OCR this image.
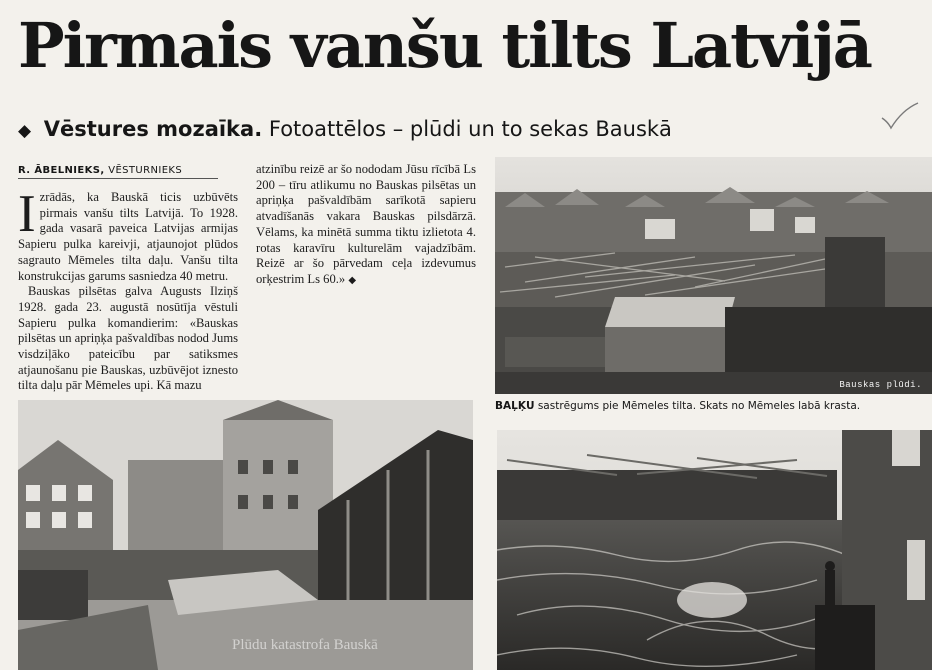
Pirmais vanšu tilts Latvijā
◆ Vēstures mozaīka. Fotoattēlos – plūdi un to sekas Bauskā
R. ĀBELNIEKS, VĒSTURNIEKS

I zrādās, ka Bauskā ticis uzbūvēts pirmais vanšu tilts Latvijā. To 1928. gada vasarā paveica Latvijas armijas Sapieru pulka kareivji, atjaunojot plūdos sagrauto Mēmeles tilta daļu. Vanšu tilta konstrukcijas garums sasniedza 40 metru.

Bauskas pilsētas galva Augusts Ilziņš 1928. gada 23. augustā nosūtīja vēstuli Sapieru pulka komandierim: «Bauskas pilsētas un apriņķa pašvaldības nodod Jums visdziļāko pateicību par satiksmes atjaunošanu pie Bauskas, uzbūvējot iznesto tilta daļu pār Mēmeles upi. Kā mazu

atzinību reizē ar šo nododam Jūsu rīcībā Ls 200 – tīru atlikumu no Bauskas pilsētas un apriņķa pašvaldībām sarīkotā sapieru atvadīšanās vakara Bauskas pilsdārzā. Vēlams, ka minētā summa tiktu izlietota 4. rotas karavīru kulturelām vajadzībām. Reizē ar šo pārvedam ceļa izdevumus orķestrim Ls 60.» ◆

Bauskas plūdi.
BAĻĶU sastrēgums pie Mēmeles tilta. Skats no Mēmeles labā krasta.
Plūdu katastrofa Bauskā
